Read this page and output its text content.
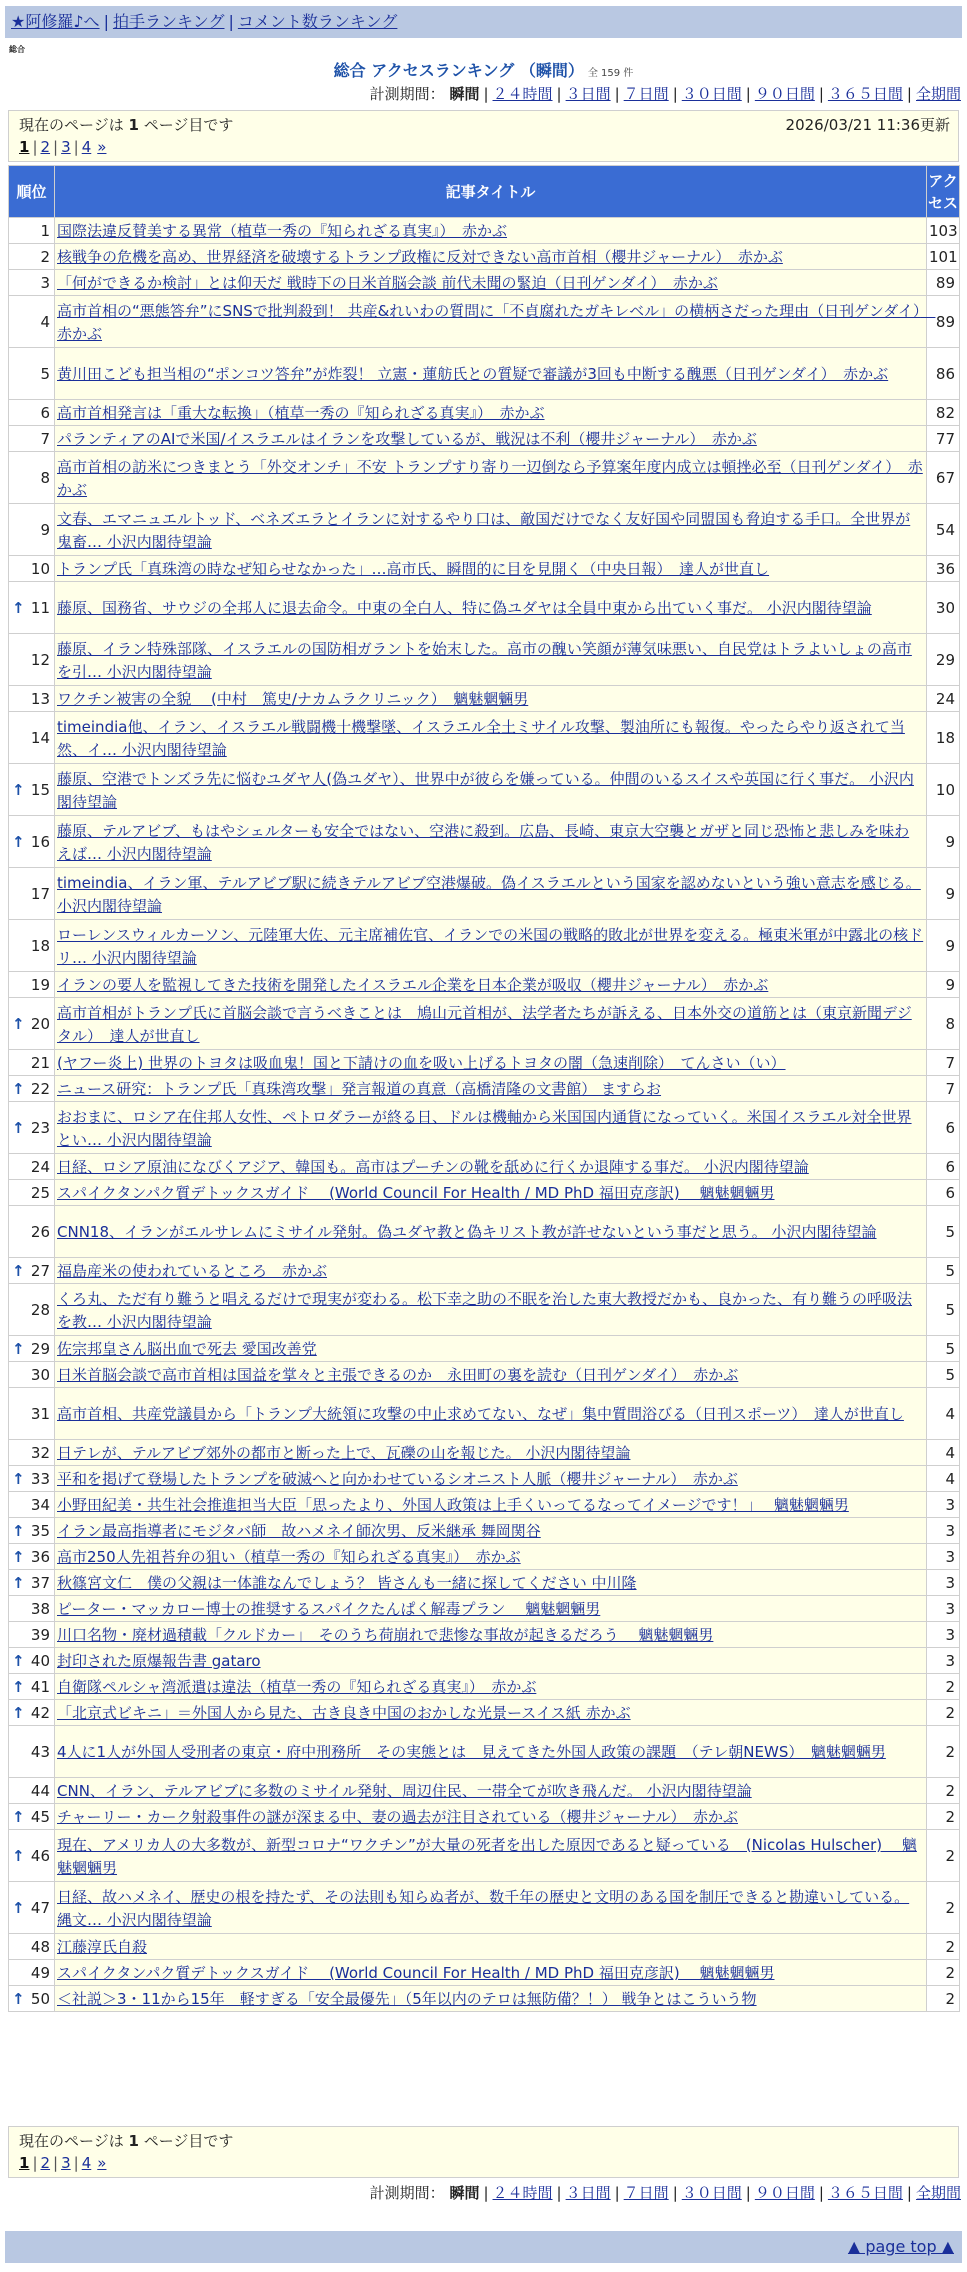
★阿修羅♪へ | 拍手ランキング | コメント数ランキング
総合
総合 アクセスランキング （瞬間） 全 159 件
計測期間： 瞬間 | ２４時間 | ３日間 | ７日間 | ３０日間 | ９０日間 | ３６５日間 | 全期間
現在のページは 1 ページ目です	2026/03/21 11:36更新
1 | 2 | 3 | 4 »
順位	記事タイトル	アクセス
1	国際法違反賛美する異常（植草一秀の『知られざる真実』）　赤かぶ	103
2	核戦争の危機を高め、世界経済を破壊するトランプ政権に反対できない高市首相（櫻井ジャーナル）　赤かぶ	101
3	「何ができるか検討」とは仰天だ 戦時下の日米首脳会談 前代未聞の緊迫（日刊ゲンダイ）　赤かぶ	89
4	高市首相の“悪態答弁”にSNSで批判殺到！ 共産&れいわの質問に「不貞腐れたガキレベル」の横柄さだった理由（日刊ゲンダイ）　赤かぶ	89
5	黄川田こども担当相の“ポンコツ答弁”が炸裂！ 立憲・蓮舫氏との質疑で審議が3回も中断する醜悪（日刊ゲンダイ）　赤かぶ	86
6	高市首相発言は「重大な転換」（植草一秀の『知られざる真実』）　赤かぶ	82
7	パランティアのAIで米国/イスラエルはイランを攻撃しているが、戦況は不利（櫻井ジャーナル）　赤かぶ	77
8	高市首相の訪米につきまとう「外交オンチ」不安 トランプすり寄り一辺倒なら予算案年度内成立は頓挫必至（日刊ゲンダイ）　赤かぶ	67
9	文春、エマニュエルトッド、ベネズエラとイランに対するやり口は、敵国だけでなく友好国や同盟国も脅迫する手口。全世界が鬼畜… 小沢内閣待望論	54
10	トランプ氏「真珠湾の時なぜ知らせなかった」…高市氏、瞬間的に目を見開く（中央日報）　達人が世直し	36

↑ 11	藤原、国務省、サウジの全邦人に退去命令。中東の全白人、特に偽ユダヤは全員中東から出ていく事だ。 小沢内閣待望論	30
12	藤原、イラン特殊部隊、イスラエルの国防相ガラントを始末した。高市の醜い笑顔が薄気味悪い、自民党はトラよいしょの高市を引… 小沢内閣待望論	29
13	ワクチン被害の全貌 　(中村　篤史/ナカムラクリニック）　魑魅魍魎男	24
14	timeindia他、イラン、イスラエル戦闘機十機撃墜、イスラエル全土ミサイル攻撃、製油所にも報復。やったらやり返されて当然、イ… 小沢内閣待望論	18

↑ 15	藤原、空港でトンズラ先に悩むユダヤ人(偽ユダヤ）、世界中が彼らを嫌っている。仲間のいるスイスや英国に行く事だ。 小沢内閣待望論	10

↑ 16	藤原、テルアビブ、もはやシェルターも安全ではない、空港に殺到。広島、長崎、東京大空襲とガザと同じ恐怖と悲しみを味わえば… 小沢内閣待望論	9
17	timeindia、イラン軍、テルアビブ駅に続きテルアビブ空港爆破。偽イスラエルという国家を認めないという強い意志を感じる。 小沢内閣待望論	9
18	ローレンスウィルカーソン、元陸軍大佐、元主席補佐官、イランでの米国の戦略的敗北が世界を変える。極東米軍が中露北の核ドリ… 小沢内閣待望論	9
19	イランの要人を監視してきた技術を開発したイスラエル企業を日本企業が吸収（櫻井ジャーナル）　赤かぶ	9

↑ 20	高市首相がトランプ氏に首脳会談で言うべきことは　鳩山元首相が、法学者たちが訴える、日本外交の道筋とは（東京新聞デジタル）　達人が世直し	8
21	(ヤフー炎上) 世界のトヨタは吸血鬼！国と下請けの血を吸い上げるトヨタの闇（急速削除）　てんさい（い）	7

↑ 22	ニュース研究：トランプ氏「真珠湾攻撃」発言報道の真意（高橋清隆の文書館） ますらお	7

↑ 23	おおまに、ロシア在住邦人女性、ペトロダラーが終る日、ドルは機軸から米国国内通貨になっていく。米国イスラエル対全世界とい… 小沢内閣待望論	6
24	日経、ロシア原油になびくアジア、韓国も。高市はプーチンの靴を舐めに行くか退陣する事だ。 小沢内閣待望論	6
25	スパイクタンパク質デトックスガイド　 (World Council For Health / MD PhD 福田克彦訳)　 魑魅魍魎男	6
26	CNN18、イランがエルサレムにミサイル発射。偽ユダヤ教と偽キリスト教が許せないという事だと思う。 小沢内閣待望論	5

↑ 27	福島産米の使われているところ　赤かぶ	5
28	くろ丸、ただ有り難うと唱えるだけで現実が変わる。松下幸之助の不眠を治した東大教授だかも、良かった、有り難うの呼吸法を教… 小沢内閣待望論	5

↑ 29	佐宗邦皇さん脳出血で死去 愛国改善党	5
30	日米首脳会談で高市首相は国益を掌々と主張できるのか　永田町の裏を読む（日刊ゲンダイ）　赤かぶ	5
31	高市首相、共産党議員から「トランプ大統領に攻撃の中止求めてない、なぜ」集中質問浴びる（日刊スポーツ）　達人が世直し	4
32	日テレが、テルアビブ郊外の都市と断った上で、瓦礫の山を報じた。 小沢内閣待望論	4

↑ 33	平和を掲げて登場したトランプを破滅へと向かわせているシオニスト人脈（櫻井ジャーナル）　赤かぶ	4
34	小野田紀美・共生社会推進担当大臣「思ったより、外国人政策は上手くいってるなってイメージです！」　 魑魅魍魎男	3

↑ 35	イラン最高指導者にモジタバ師　故ハメネイ師次男、反米継承 舞岡関谷	3

↑ 36	高市250人先祖苔弁の狙い（植草一秀の『知られざる真実』）　赤かぶ	3

↑ 37	秋篠宮文仁　僕の父親は一体誰なんでしょう？ 皆さんも一緒に探してください 中川隆	3
38	ピーター・マッカロー博士の推奨するスパイクたんぱく解毒プラン　 魑魅魍魎男	3
39	川口名物・廃材過積載「クルドカー」　そのうち荷崩れで悲惨な事故が起きるだろう　 魑魅魍魎男	3

↑ 40	封印された原爆報告書 gataro	3

↑ 41	自衛隊ペルシャ湾派遣は違法（植草一秀の『知られざる真実』）　赤かぶ	2

↑ 42	「北京式ビキニ」＝外国人から見た、古き良き中国のおかしな光景ースイス紙 赤かぶ	2
43	4人に1人が外国人受刑者の東京・府中刑務所　その実態とは　見えてきた外国人政策の課題　（テレ朝NEWS）　魑魅魍魎男	2
44	CNN、イラン、テルアビブに多数のミサイル発射、周辺住民、一帯全てが吹き飛んだ。 小沢内閣待望論	2

↑ 45	チャーリー・カーク射殺事件の謎が深まる中、妻の過去が注目されている（櫻井ジャーナル）　赤かぶ	2

↑ 46	現在、アメリカ人の大多数が、新型コロナ“ワクチン”が大量の死者を出した原因であると疑っている　(Nicolas Hulscher)　 魑魅魍魎男	2

↑ 47	日経、故ハメネイ、歴史の根を持たず、その法則も知らぬ者が、数千年の歴史と文明のある国を制圧できると勘違いしている。縄文… 小沢内閣待望論	2
48	江藤淳氏自殺	2
49	スパイクタンパク質デトックスガイド　 (World Council For Health / MD PhD 福田克彦訳)　 魑魅魍魎男	2

↑ 50	＜社説＞3・11から15年　軽すぎる「安全最優先」（5年以内のテロは無防備？！） 戦争とはこういう物	2
現在のページは 1 ページ目です
1 | 2 | 3 | 4 »
計測期間： 瞬間 | ２４時間 | ３日間 | ７日間 | ３０日間 | ９０日間 | ３６５日間 | 全期間
▲ page top ▲
